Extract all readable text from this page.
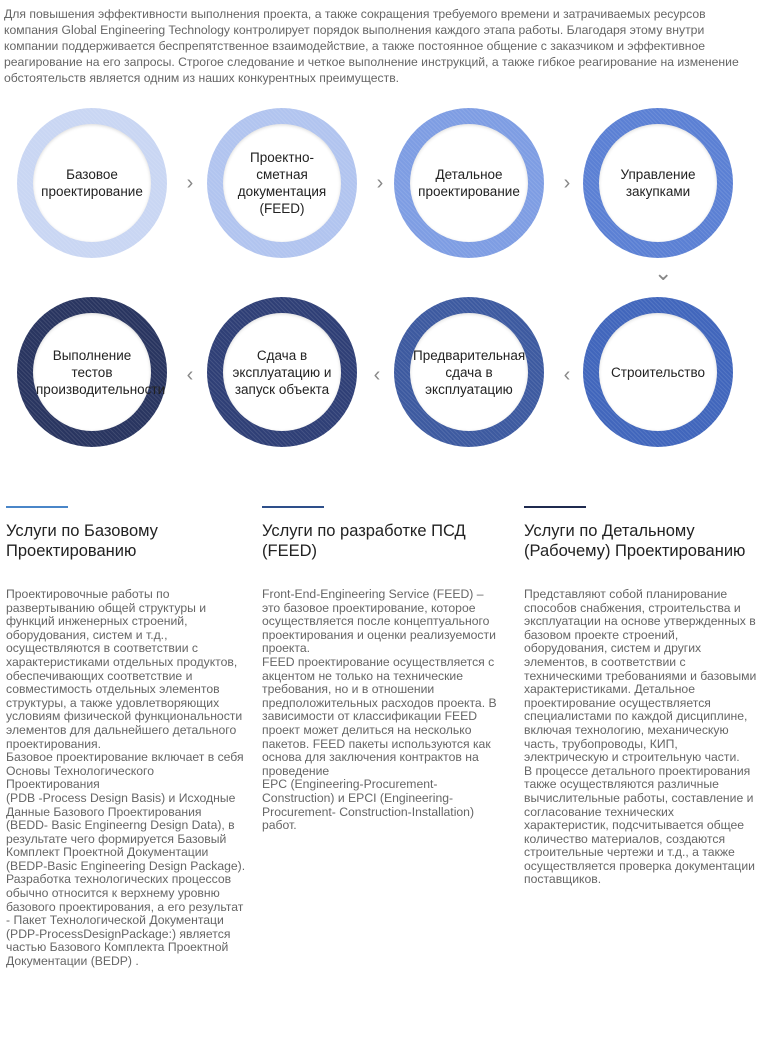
Для повышения эффективности выполнения проекта, а также сокращения требуемого времени и затрачиваемых ресурсов компания Global Engineering Technology контролирует порядок выполнения каждого этапа работы. Благодаря этому внутри компании поддерживается беспрепятственное взаимодействие, а также постоянное общение с заказчиком и эффективное реагирование на его запросы. Строгое следование и четкое выполнение инструкций, а также гибкое реагирование на изменение обстоятельств является одним из наших конкурентных преимуществ.
Базовое проектирование ›
Проектно-сметная документация (FEED)
›	Детальное проектирование ›	Управление закупками
⌄
Выполнение тестов производительности
‹
Сдача в эксплуатацию и запуск объекта
‹
Предварительная сдача в эксплуатацию
‹	Строительство
Услуги по Базовому Проектированию

Проектировочные работы по развертыванию общей структуры и функций инженерных строений, оборудования, систем и т.д., осуществляются в соответствии с характеристиками отдельных продуктов, обеспечивающих соответствие и совместимость отдельных элементов структуры, а также удовлетворяющих условиям физической функциональности элементов для дальнейшего детального проектирования.
Базовое проектирование включает в себя Основы Технологического Проектирования
(PDB -Process Design Basis) и Исходные Данные Базового Проектирования (BEDD- Basic Engineerng Design Data), в результате чего формируется Базовый Комплект Проектной Документации (BEDP-Basic Engineering Design Package). Разработка технологических процессов обычно относится к верхнему уровню базового проектирования, а его результат
- Пакет Технологической Документаци (PDP-ProcessDesignPackage:) является частью Базового Комплекта Проектной Документации (BEDP) .

Услуги по разработке ПСД (FEED)

Front-End-Engineering Service (FEED) – это базовое проектирование, которое осуществляется после концептуального проектирования и оценки реализуемости проекта.
FEED проектирование осуществляется с акцентом не только на технические требования, но и в отношении предположительных расходов проекта. В зависимости от классификации FEED проект может делиться на несколько пакетов. FEED пакеты используются как основа для заключения контрактов на проведение
EPC (Engineering-Procurement-Construction) и EPCI (Engineering-Procurement- Construction-Installation) работ.

Услуги по Детальному (Рабочему) Проектированию

Представляют собой планирование способов снабжения, строительства и эксплуатации на основе утвержденных в базовом проекте строений, оборудования, систем и других элементов, в соответствии с техническими требованиями и базовыми характеристиками. Детальное проектирование осуществляется специалистами по каждой дисциплине, включая технологию, механическую часть, трубопроводы, КИП, электрическую и строительную части.
В процессе детального проектирования также осуществляются различные вычислительные работы, составление и согласование технических характеристик, подсчитывается общее количество материалов, создаются строительные чертежи и т.д., а также осуществляется проверка документации поставщиков.
